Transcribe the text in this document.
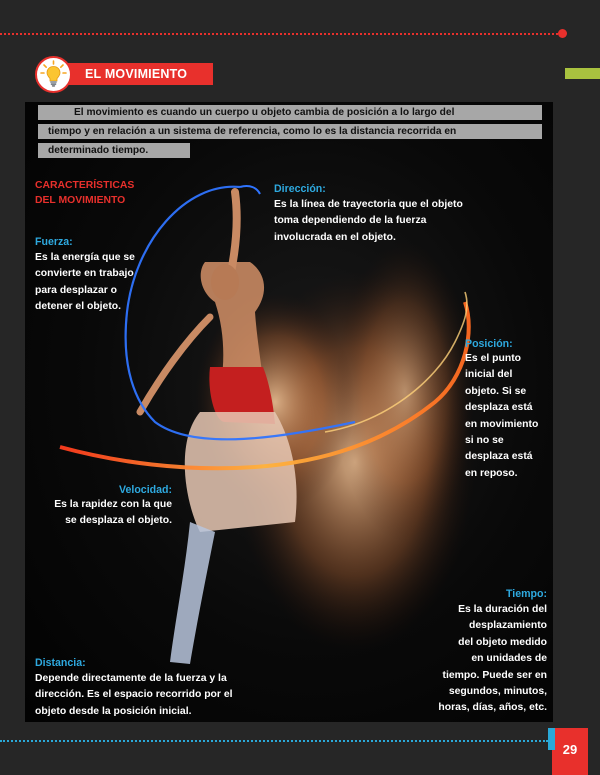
EL MOVIMIENTO
El movimiento es cuando un cuerpo u objeto cambia de posición a lo largo del
tiempo y en relación a un sistema de referencia, como lo es la distancia recorrida en
determinado tiempo.
CARACTERÍSTICAS
DEL MOVIMIENTO
Fuerza:
Es la energía que se
convierte en trabajo
para desplazar o
detener el objeto.
Dirección:
Es la línea de trayectoria que el objeto
toma dependiendo de la fuerza
involucrada en el objeto.
Posición:
Es el punto
inicial del
objeto. Si se
desplaza está
en movimiento
si no se
desplaza está
en reposo.
Velocidad:
Es la rapidez con la que
se desplaza el objeto.
Tiempo:
Es la duración del
desplazamiento
del objeto medido
en unidades de
tiempo. Puede ser en
segundos, minutos,
horas, días, años, etc.
Distancia:
Depende directamente de la fuerza y la
dirección. Es el espacio recorrido por el
objeto desde la posición inicial.
29
